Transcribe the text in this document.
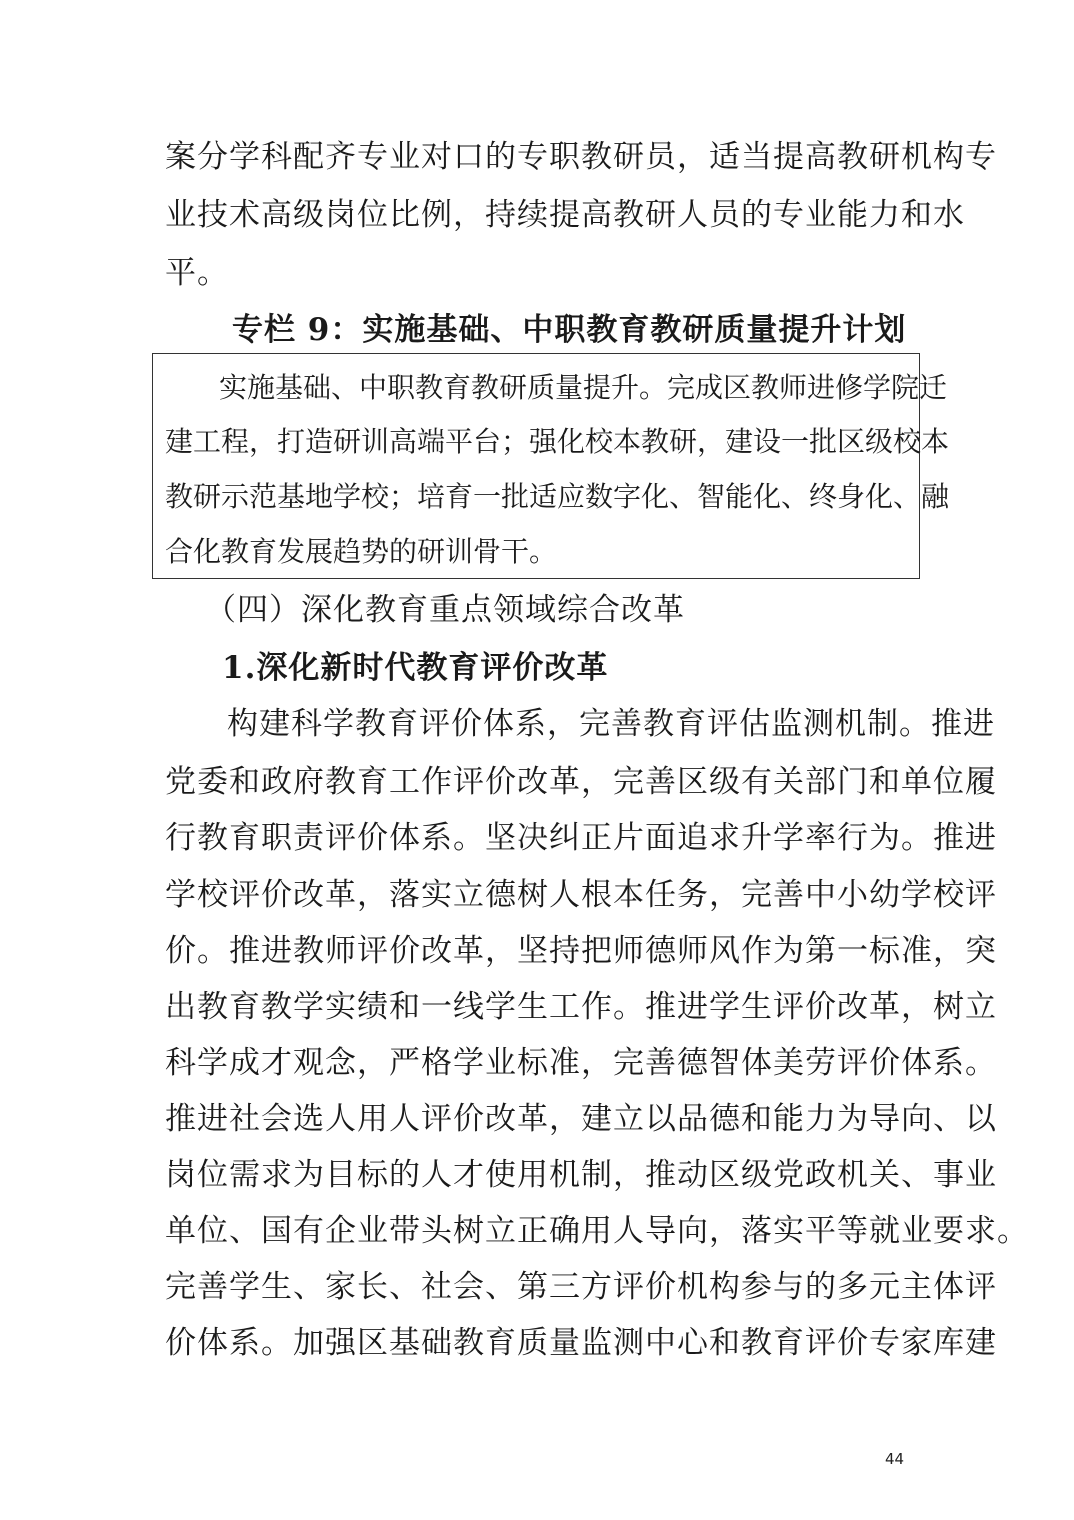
案分学科配齐专业对口的专职教研员，适当提高教研机构专
业技术高级岗位比例，持续提高教研人员的专业能力和水
平。
专栏 9：实施基础、中职教育教研质量提升计划
实施基础、中职教育教研质量提升。完成区教师进修学院迁
建工程，打造研训高端平台；强化校本教研，建设一批区级校本
教研示范基地学校；培育一批适应数字化、智能化、终身化、融
合化教育发展趋势的研训骨干。
（四）深化教育重点领域综合改革
1.深化新时代教育评价改革
构建科学教育评价体系，完善教育评估监测机制。推进
党委和政府教育工作评价改革，完善区级有关部门和单位履
行教育职责评价体系。坚决纠正片面追求升学率行为。推进
学校评价改革，落实立德树人根本任务，完善中小幼学校评
价。推进教师评价改革，坚持把师德师风作为第一标准，突
出教育教学实绩和一线学生工作。推进学生评价改革，树立
科学成才观念，严格学业标准，完善德智体美劳评价体系。
推进社会选人用人评价改革，建立以品德和能力为导向、以
岗位需求为目标的人才使用机制，推动区级党政机关、事业
单位、国有企业带头树立正确用人导向，落实平等就业要求。
完善学生、家长、社会、第三方评价机构参与的多元主体评
价体系。加强区基础教育质量监测中心和教育评价专家库建
44
